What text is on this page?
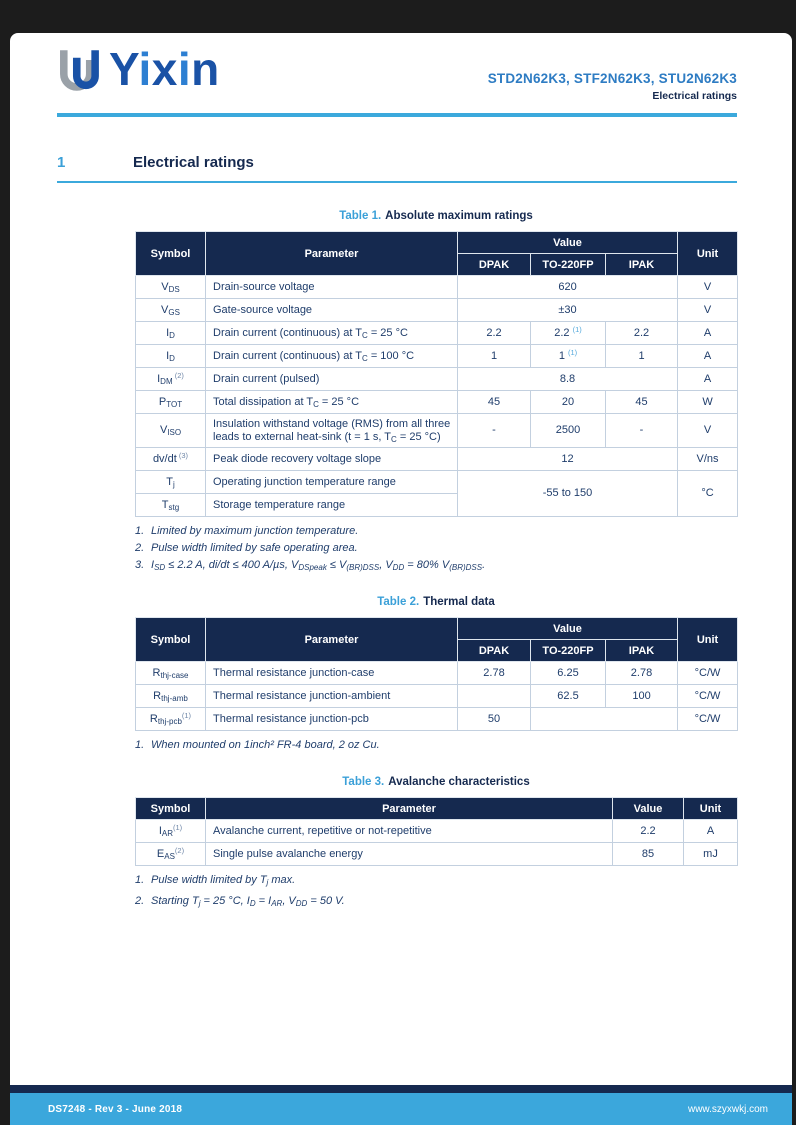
Yixin	STD2N62K3, STF2N62K3, STU2N62K3
Electrical ratings
1	Electrical ratings
Table 1. Absolute maximum ratings
Symbol	Parameter	Value			Unit
		DPAK	TO-220FP	IPAK	
$V_{DS}$	Drain-source voltage	620			V
$V_{GS}$	Gate-source voltage	±30			V
$I_D$	Drain current (continuous) at $T_C = 25$ °C	2.2	2.2 $^{(1)}$	2.2	A
$I_D$	Drain current (continuous) at $T_C = 100$ °C	1	1 $^{(1)}$	1	A
$I_{DM}$ $^{(2)}$	Drain current (pulsed)	8.8			A
$P_{TOT}$	Total dissipation at $T_C = 25$ °C	45	20	45	W
$V_{ISO}$	Insulation withstand voltage (RMS) from all three leads to external heat-sink (t = 1 s, $T_C = 25$ °C)	-	2500	-	V
dv/dt $^{(3)}$	Peak diode recovery voltage slope	12			V/ns
$T_j$	Operating junction temperature range	-55 to 150			°C
$T_{stg}$	Storage temperature range				
1. Limited by maximum junction temperature.
2. Pulse width limited by safe operating area.
3. $I_{SD} \le 2.2$ A, di/dt ≤ 400 A/µs, $V_{DSpeak} \le V_{(BR)DSS}$, $V_{DD} = 80\%$ $V_{(BR)DSS}$.
Table 2. Thermal data
Symbol	Parameter	Value			Unit
		DPAK	TO-220FP	IPAK	
$R_{thj-case}$	Thermal resistance junction-case	2.78	6.25	2.78	°C/W
$R_{thj-amb}$	Thermal resistance junction-ambient		62.5	100	°C/W
$R_{thj-pcb}^{(1)}$	Thermal resistance junction-pcb	50			°C/W
1. When mounted on 1inch² FR-4 board, 2 oz Cu.
Table 3. Avalanche characteristics
Symbol	Parameter	Value	Unit
$I_{AR}^{(1)}$	Avalanche current, repetitive or not-repetitive	2.2	A
$E_{AS}^{(2)}$	Single pulse avalanche energy	85	mJ
1. Pulse width limited by $T_j$ max.
2. Starting $T_j = 25$ °C, $I_D = I_{AR}$, $V_{DD} = 50$ V.
DS7248 - Rev 3 - June 2018	www.szyxwkj.com
